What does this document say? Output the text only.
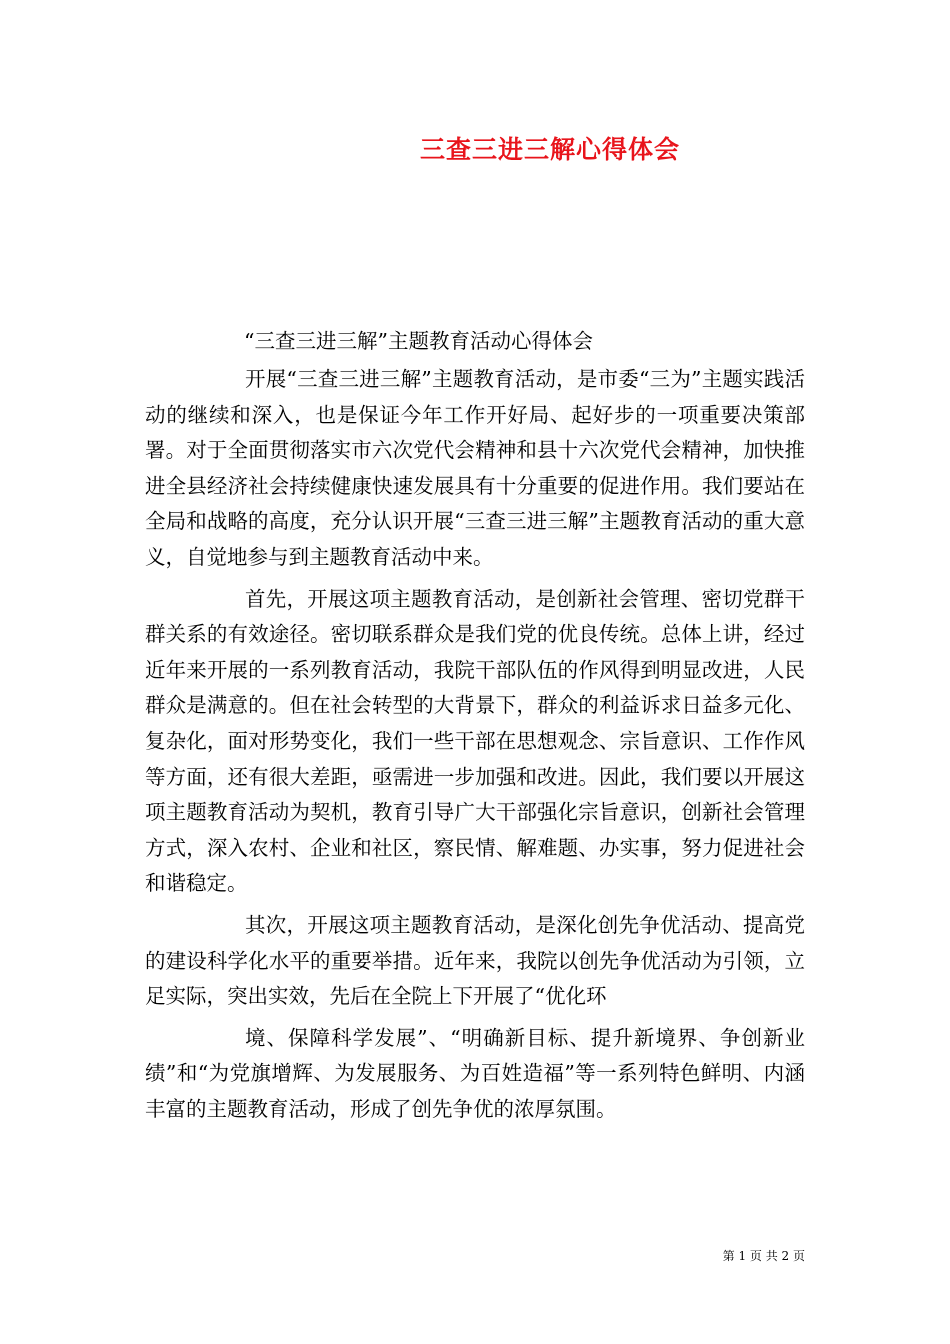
三查三进三解心得体会
“三查三进三解”主题教育活动心得体会

开展“三查三进三解”主题教育活动，是市委“三为”主题实践活动的继续和深入，也是保证今年工作开好局、起好步的一项重要决策部署。对于全面贯彻落实市六次党代会精神和县十六次党代会精神，加快推进全县经济社会持续健康快速发展具有十分重要的促进作用。我们要站在全局和战略的高度，充分认识开展“三查三进三解”主题教育活动的重大意义，自觉地参与到主题教育活动中来。

首先，开展这项主题教育活动，是创新社会管理、密切党群干群关系的有效途径。密切联系群众是我们党的优良传统。总体上讲，经过近年来开展的一系列教育活动，我院干部队伍的作风得到明显改进，人民群众是满意的。但在社会转型的大背景下，群众的利益诉求日益多元化、复杂化，面对形势变化，我们一些干部在思想观念、宗旨意识、工作作风等方面，还有很大差距，亟需进一步加强和改进。因此，我们要以开展这项主题教育活动为契机，教育引导广大干部强化宗旨意识，创新社会管理方式，深入农村、企业和社区，察民情、解难题、办实事，努力促进社会和谐稳定。

其次，开展这项主题教育活动，是深化创先争优活动、提高党的建设科学化水平的重要举措。近年来，我院以创先争优活动为引领，立足实际，突出实效，先后在全院上下开展了“优化环

境、保障科学发展”、“明确新目标、提升新境界、争创新业绩”和“为党旗增辉、为发展服务、为百姓造福”等一系列特色鲜明、内涵丰富的主题教育活动，形成了创先争优的浓厚氛围。

第 1 页 共 2 页
